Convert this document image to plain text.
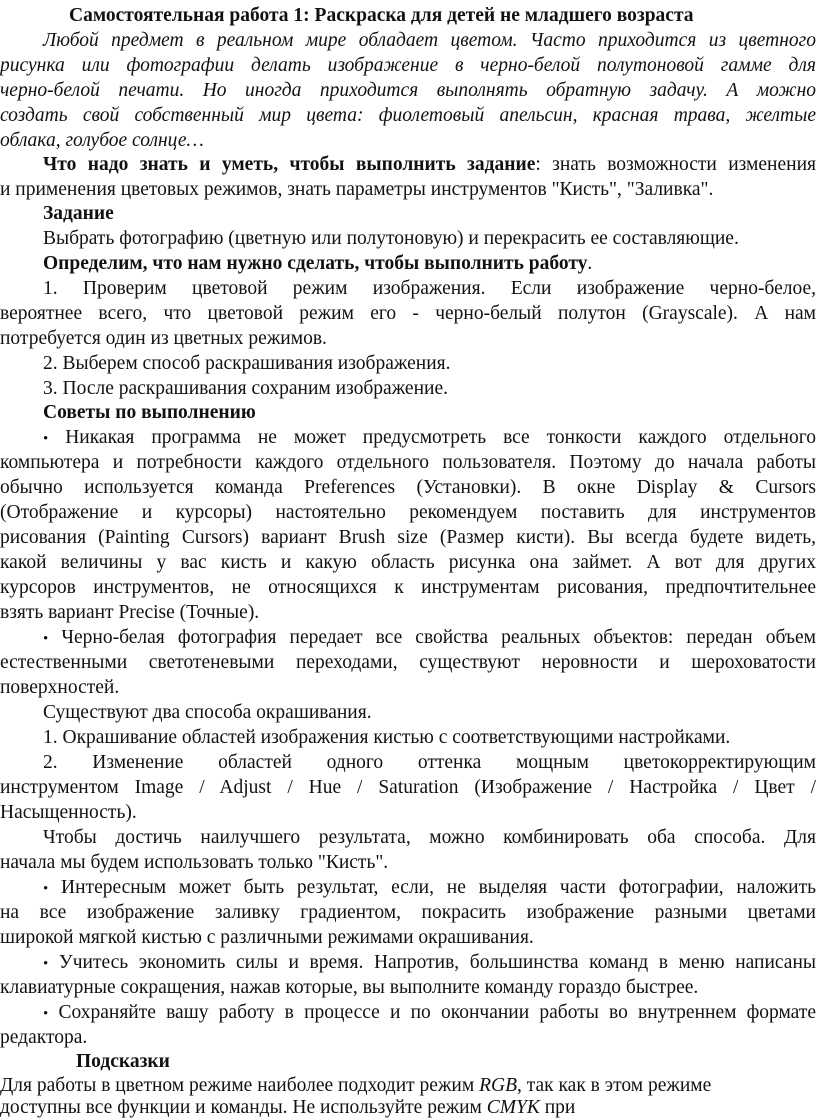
Самостоятельная работа 1: Раскраска для детей не младшего возраста
Любой предмет в реальном мире обладает цветом. Часто приходится из цветного
рисунка или фотографии делать изображение в черно-белой полутоновой гамме для
черно-белой печати. Но иногда приходится выполнять обратную задачу. А можно
создать свой собственный мир цвета: фиолетовый апельсин, красная трава, желтые
облака, голубое солнце…
Что надо знать и уметь, чтобы выполнить задание: знать возможности изменения
и применения цветовых режимов, знать параметры инструментов "Кисть", "Заливка".
Задание
Выбрать фотографию (цветную или полутоновую) и перекрасить ее составляющие.
Определим, что нам нужно сделать, чтобы выполнить работу.
1. Проверим цветовой режим изображения. Если изображение черно-белое,
вероятнее всего, что цветовой режим его - черно-белый полутон (Grayscale). А нам
потребуется один из цветных режимов.
2. Выберем способ раскрашивания изображения.
3. После раскрашивания сохраним изображение.
Советы по выполнению
• Никакая программа не может предусмотреть все тонкости каждого отдельного
компьютера и потребности каждого отдельного пользователя. Поэтому до начала работы
обычно используется команда Preferences (Установки). В окне Display & Cursors
(Отображение и курсоры) настоятельно рекомендуем поставить для инструментов
рисования (Painting Cursors) вариант Brush size (Размер кисти). Вы всегда будете видеть,
какой величины у вас кисть и какую область рисунка она займет. А вот для других
курсоров инструментов, не относящихся к инструментам рисования, предпочтительнее
взять вариант Precise (Точные).
• Черно-белая фотография передает все свойства реальных объектов: передан объем
естественными светотеневыми переходами, существуют неровности и шероховатости
поверхностей.
Существуют два способа окрашивания.
1. Окрашивание областей изображения кистью с соответствующими настройками.
2. Изменение областей одного оттенка мощным цветокорректирующим
инструментом Image / Adjust / Hue / Saturation (Изображение / Настройка / Цвет /
Насыщенность).
Чтобы достичь наилучшего результата, можно комбинировать оба способа. Для
начала мы будем использовать только "Кисть".
• Интересным может быть результат, если, не выделяя части фотографии, наложить
на все изображение заливку градиентом, покрасить изображение разными цветами
широкой мягкой кистью с различными режимами окрашивания.
• Учитесь экономить силы и время. Напротив, большинства команд в меню написаны
клавиатурные сокращения, нажав которые, вы выполните команду гораздо быстрее.
• Сохраняйте вашу работу в процессе и по окончании работы во внутреннем формате
редактора.
Подсказки
Для работы в цветном режиме наиболее подходит режим RGB, так как в этом режиме
доступны все функции и команды. Не используйте режим CMYK при
